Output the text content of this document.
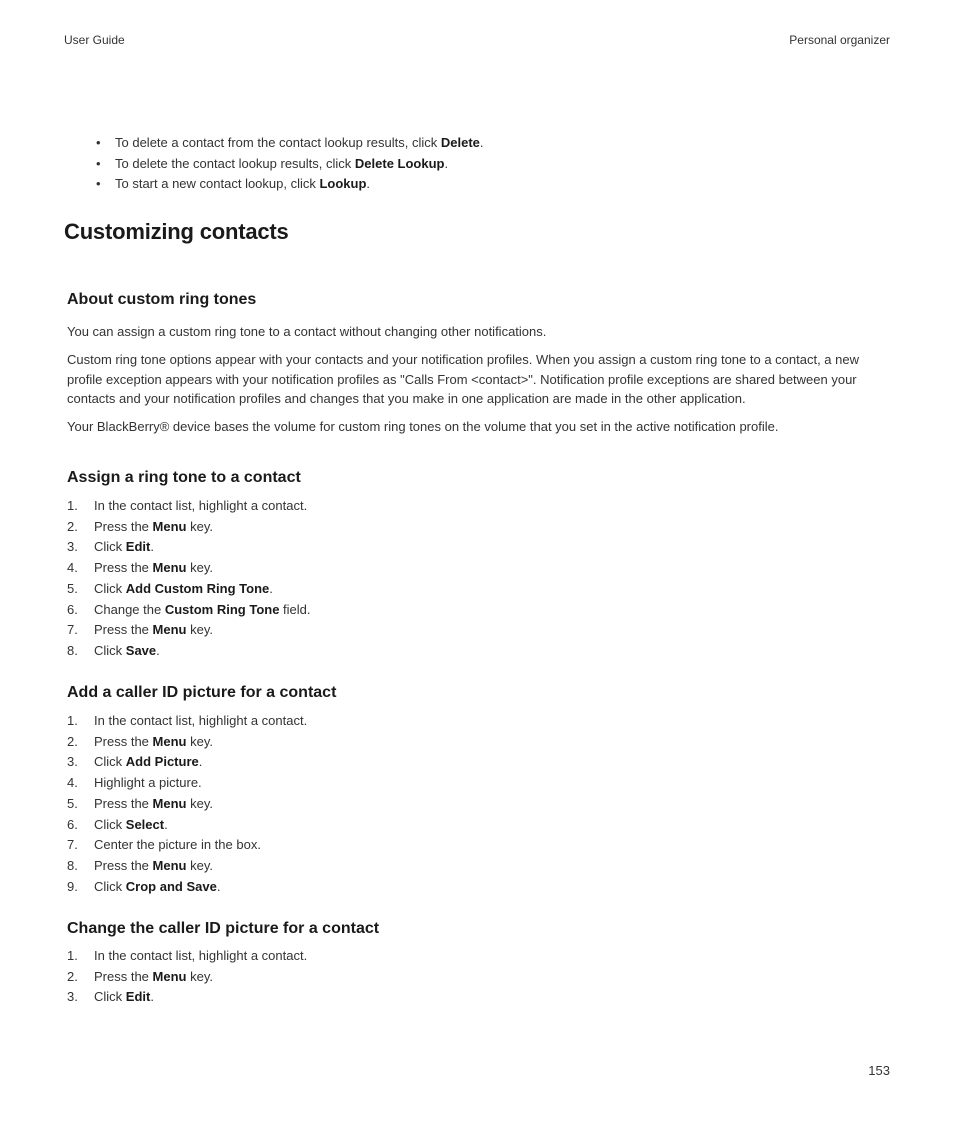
User Guide	Personal organizer
• To delete a contact from the contact lookup results, click Delete.
• To delete the contact lookup results, click Delete Lookup.
• To start a new contact lookup, click Lookup.
Customizing contacts
About custom ring tones

You can assign a custom ring tone to a contact without changing other notifications.

Custom ring tone options appear with your contacts and your notification profiles. When you assign a custom ring tone to a contact, a new profile exception appears with your notification profiles as "Calls From <contact>". Notification profile exceptions are shared between your contacts and your notification profiles and changes that you make in one application are made in the other application.

Your BlackBerry® device bases the volume for custom ring tones on the volume that you set in the active notification profile.

Assign a ring tone to a contact
1. In the contact list, highlight a contact.
2. Press the Menu key.
3. Click Edit.
4. Press the Menu key.
5. Click Add Custom Ring Tone.
6. Change the Custom Ring Tone field.
7. Press the Menu key.
8. Click Save.
Add a caller ID picture for a contact
1. In the contact list, highlight a contact.
2. Press the Menu key.
3. Click Add Picture.
4. Highlight a picture.
5. Press the Menu key.
6. Click Select.
7. Center the picture in the box.
8. Press the Menu key.
9. Click Crop and Save.
Change the caller ID picture for a contact
1. In the contact list, highlight a contact.
2. Press the Menu key.
3. Click Edit.
153
